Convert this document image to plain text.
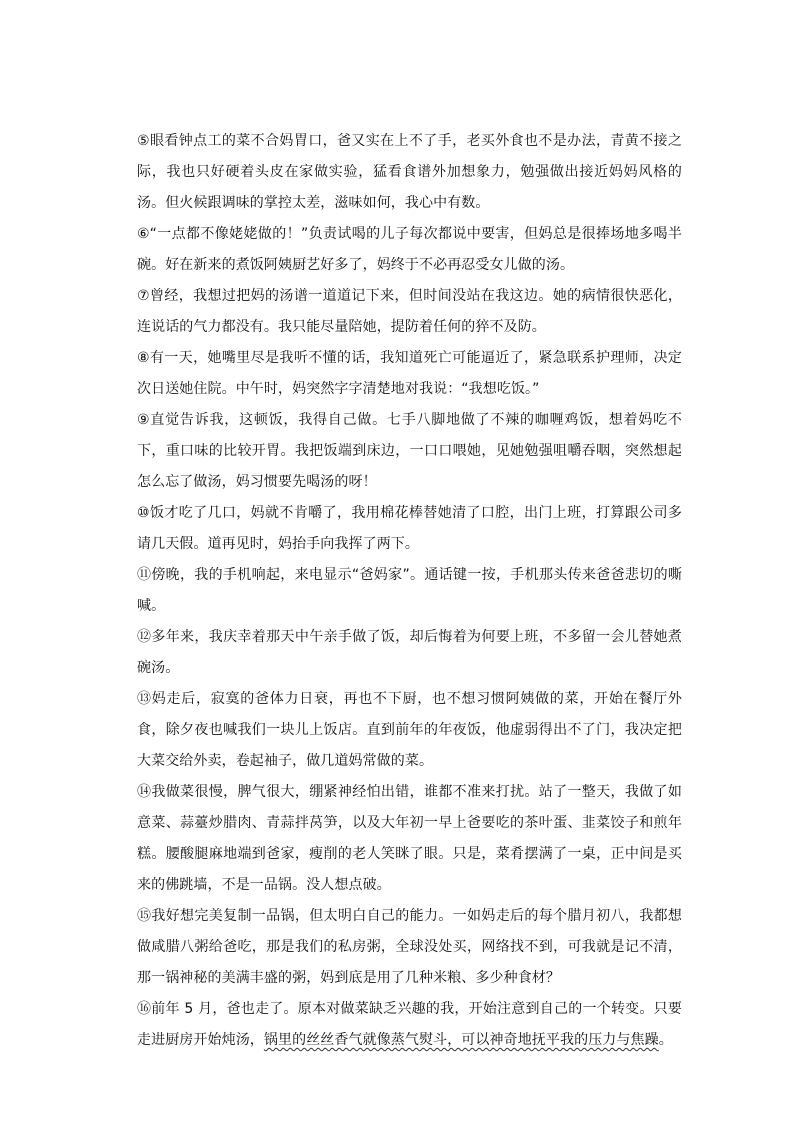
⑤眼看钟点工的菜不合妈胃口，爸又实在上不了手，老买外食也不是办法，青黄不接之际，我也只好硬着头皮在家做实验，猛看食谱外加想象力，勉强做出接近妈妈风格的汤。但火候跟调味的掌控太差，滋味如何，我心中有数。

⑥“一点都不像姥姥做的！”负责试喝的儿子每次都说中要害，但妈总是很捧场地多喝半碗。好在新来的煮饭阿姨厨艺好多了，妈终于不必再忍受女儿做的汤。

⑦曾经，我想过把妈的汤谱一道道记下来，但时间没站在我这边。她的病情很快恶化，连说话的气力都没有。我只能尽量陪她，提防着任何的猝不及防。

⑧有一天，她嘴里尽是我听不懂的话，我知道死亡可能逼近了，紧急联系护理师，决定次日送她住院。中午时，妈突然字字清楚地对我说：“我想吃饭。”

⑨直觉告诉我，这顿饭，我得自己做。七手八脚地做了不辣的咖喱鸡饭，想着妈吃不下，重口味的比较开胃。我把饭端到床边，一口口喂她，见她勉强咀嚼吞咽，突然想起怎么忘了做汤，妈习惯要先喝汤的呀！

⑩饭才吃了几口，妈就不肯嚼了，我用棉花棒替她清了口腔，出门上班，打算跟公司多请几天假。道再见时，妈抬手向我挥了两下。

⑪傍晚，我的手机响起，来电显示“爸妈家”。通话键一按，手机那头传来爸爸悲切的嘶喊。

⑫多年来，我庆幸着那天中午亲手做了饭，却后悔着为何要上班，不多留一会儿替她煮碗汤。

⑬妈走后，寂寞的爸体力日衰，再也不下厨，也不想习惯阿姨做的菜，开始在餐厅外食，除夕夜也喊我们一块儿上饭店。直到前年的年夜饭，他虚弱得出不了门，我决定把大菜交给外卖，卷起袖子，做几道妈常做的菜。

⑭我做菜很慢，脾气很大，绷紧神经怕出错，谁都不准来打扰。站了一整天，我做了如意菜、蒜薹炒腊肉、青蒜拌莴笋，以及大年初一早上爸要吃的茶叶蛋、韭菜饺子和煎年糕。腰酸腿麻地端到爸家，瘦削的老人笑眯了眼。只是，菜肴摆满了一桌，正中间是买来的佛跳墙，不是一品锅。没人想点破。

⑮我好想完美复制一品锅，但太明白自己的能力。一如妈走后的每个腊月初八，我都想做咸腊八粥给爸吃，那是我们的私房粥，全球没处买，网络找不到，可我就是记不清，那一锅神秘的美满丰盛的粥，妈到底是用了几种米粮、多少种食材？

⑯前年 5 月，爸也走了。原本对做菜缺乏兴趣的我，开始注意到自己的一个转变。只要走进厨房开始炖汤，锅里的丝丝香气就像蒸气熨斗，可以神奇地抚平我的压力与焦躁。
